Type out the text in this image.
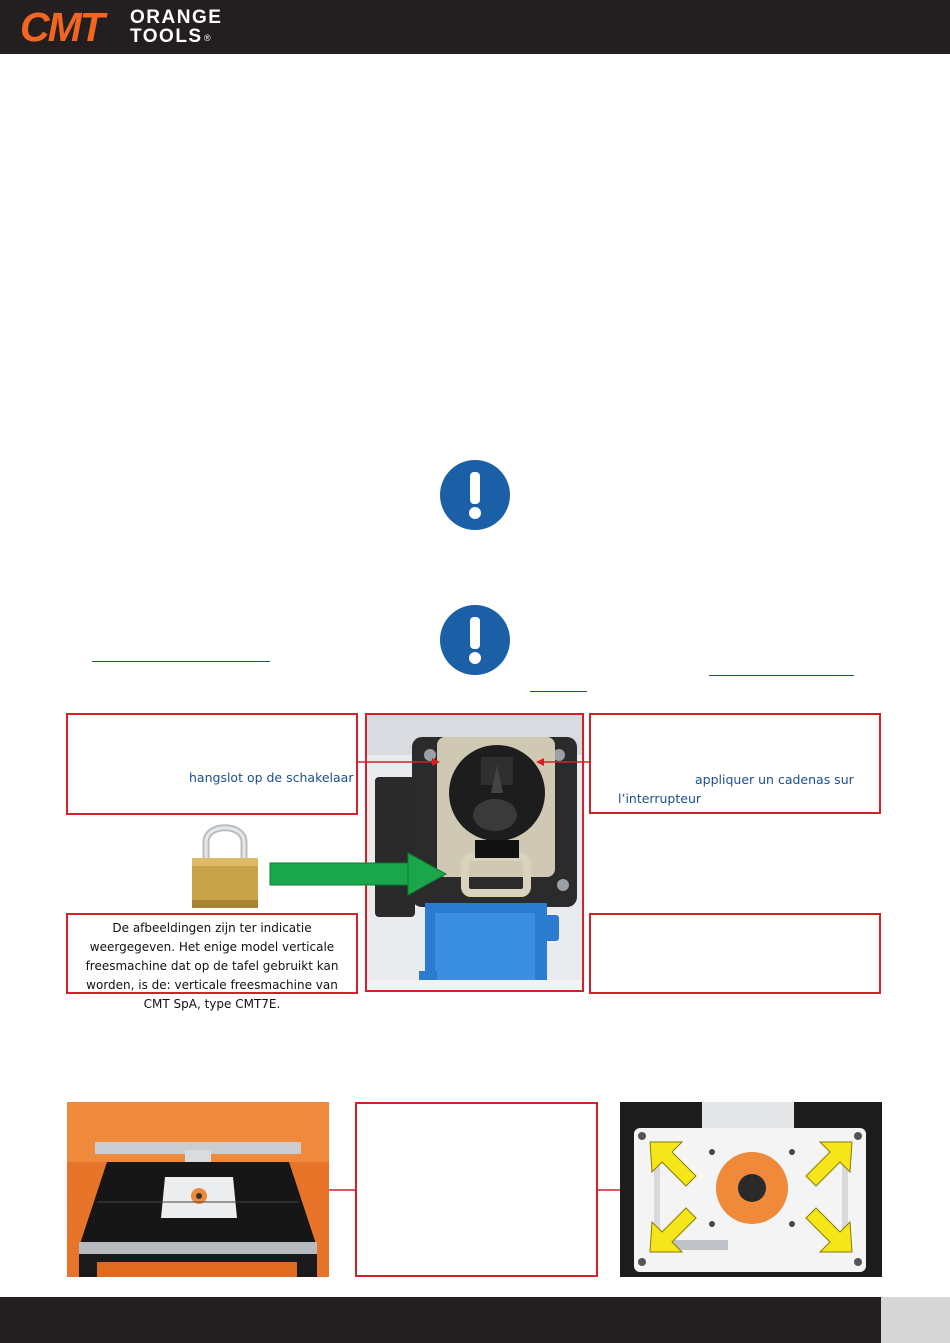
CMT ORANGE
TOOLS ®
hangslot op de schakelaar	appliquer un cadenas sur
l’interrupteur
De afbeeldingen zijn ter indicatie weergegeven. Het enige model verticale freesmachine dat op de tafel gebruikt kan worden, is de: verticale freesmachine van CMT SpA, type CMT7E.
